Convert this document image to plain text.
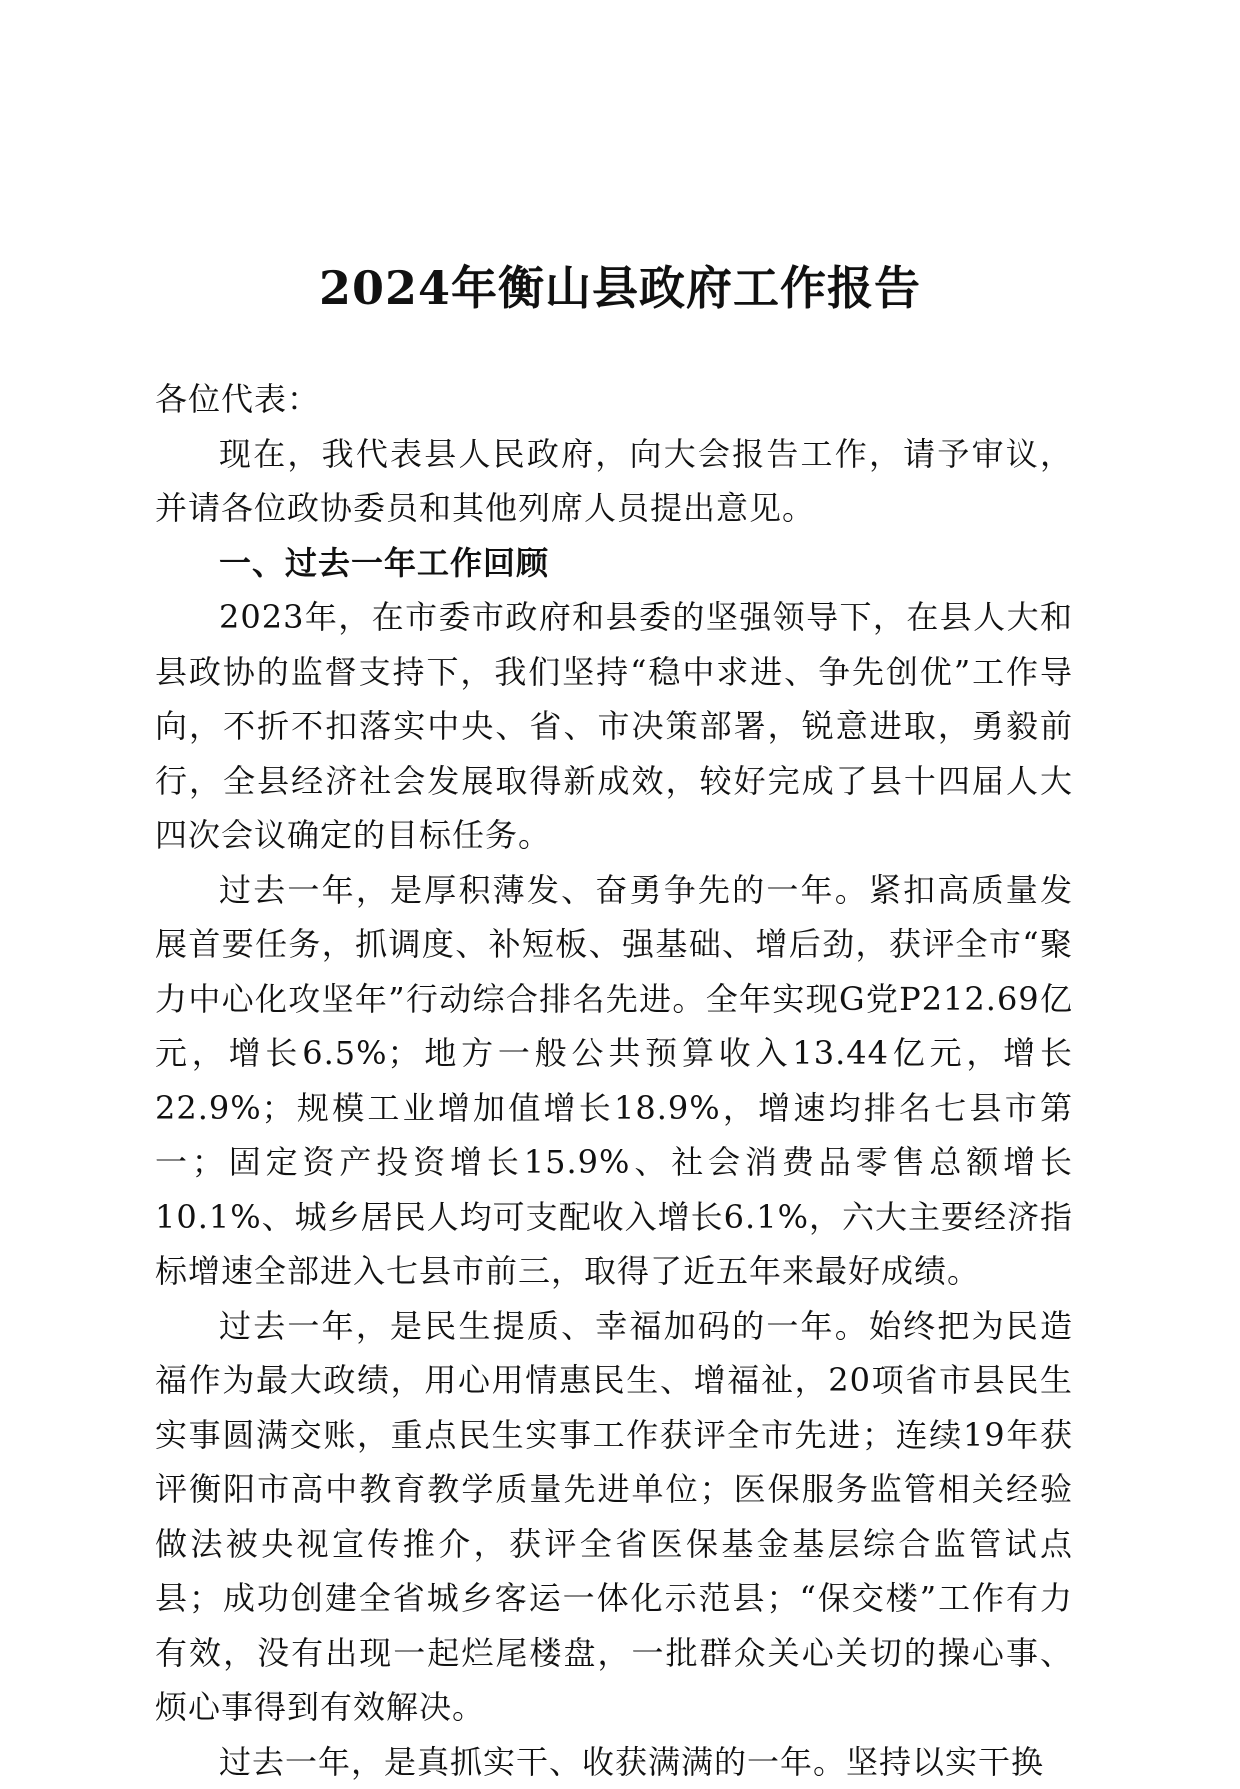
2024年衡山县政府工作报告

各位代表：

现在，我代表县人民政府，向大会报告工作，请予审议，并请各位政协委员和其他列席人员提出意见。

一、过去一年工作回顾

2023年，在市委市政府和县委的坚强领导下，在县人大和县政协的监督支持下，我们坚持“稳中求进、争先创优”工作导向，不折不扣落实中央、省、市决策部署，锐意进取，勇毅前行，全县经济社会发展取得新成效，较好完成了县十四届人大四次会议确定的目标任务。

过去一年，是厚积薄发、奋勇争先的一年。紧扣高质量发展首要任务，抓调度、补短板、强基础、增后劲，获评全市“聚力中心化攻坚年”行动综合排名先进。全年实现G党P212.69亿元，增长6.5%；地方一般公共预算收入13.44亿元，增长22.9%；规模工业增加值增长18.9%，增速均排名七县市第一；固定资产投资增长15.9%、社会消费品零售总额增长10.1%、城乡居民人均可支配收入增长6.1%，六大主要经济指标增速全部进入七县市前三，取得了近五年来最好成绩。

过去一年，是民生提质、幸福加码的一年。始终把为民造福作为最大政绩，用心用情惠民生、增福祉，20项省市县民生实事圆满交账，重点民生实事工作获评全市先进；连续19年获评衡阳市高中教育教学质量先进单位；医保服务监管相关经验做法被央视宣传推介，获评全省医保基金基层综合监管试点县；成功创建全省城乡客运一体化示范县；“保交楼”工作有力有效，没有出现一起烂尾楼盘，一批群众关心关切的操心事、烦心事得到有效解决。

过去一年，是真抓实干、收获满满的一年。坚持以实干换
